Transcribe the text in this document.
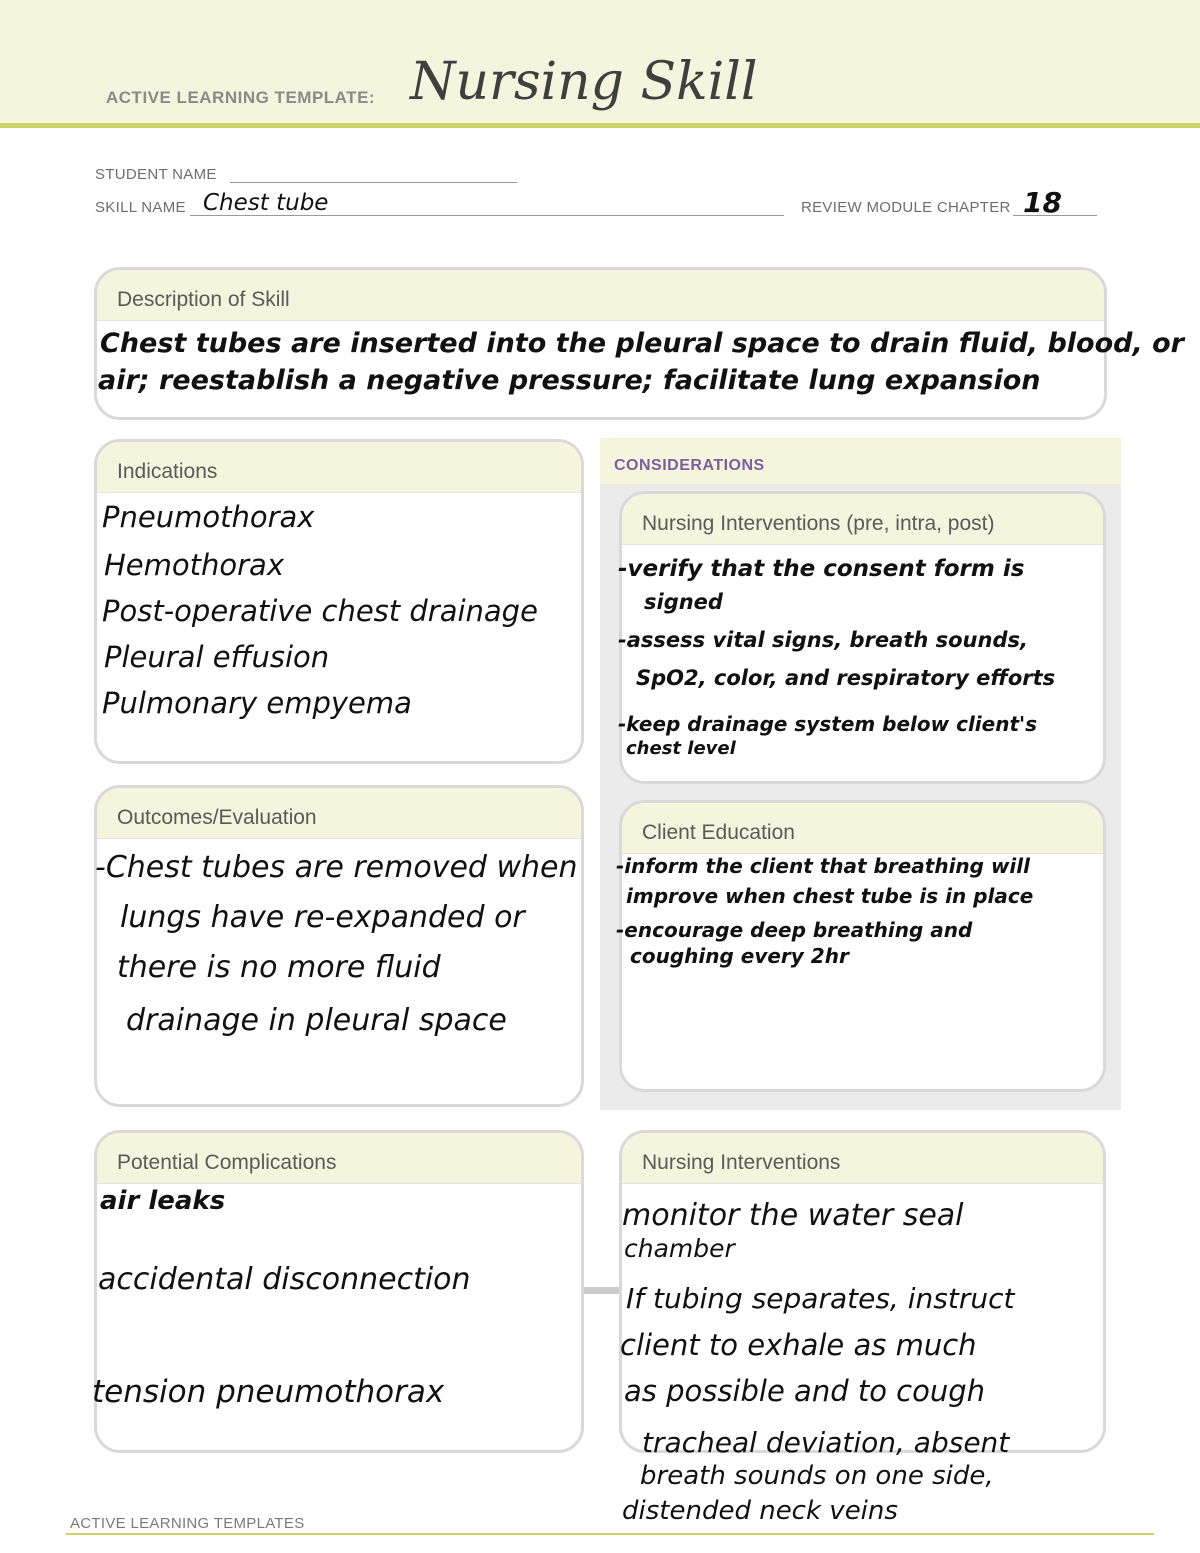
ACTIVE LEARNING TEMPLATE: Nursing Skill
STUDENT NAME
SKILL NAME Chest tube	REVIEW MODULE CHAPTER 18
Description of Skill
Chest tubes are inserted into the pleural space to drain fluid, blood, or
air; reestablish a negative pressure; facilitate lung expansion
Indications
Pneumothorax
Hemothorax
Post-operative chest drainage
Pleural effusion
Pulmonary empyema
Outcomes/Evaluation
-Chest tubes are removed when
lungs have re-expanded or
there is no more fluid
drainage in pleural space
CONSIDERATIONS
Nursing Interventions (pre, intra, post)
-verify that the consent form is
signed
-assess vital signs, breath sounds,
SpO2, color, and respiratory efforts
-keep drainage system below client's
chest level
Client Education
-inform the client that breathing will
improve when chest tube is in place
-encourage deep breathing and
coughing every 2hr
Potential Complications
air leaks
accidental disconnection
tension pneumothorax
Nursing Interventions
monitor the water seal
chamber
If tubing separates, instruct
client to exhale as much
as possible and to cough
tracheal deviation, absent
breath sounds on one side,
distended neck veins
ACTIVE LEARNING TEMPLATES
